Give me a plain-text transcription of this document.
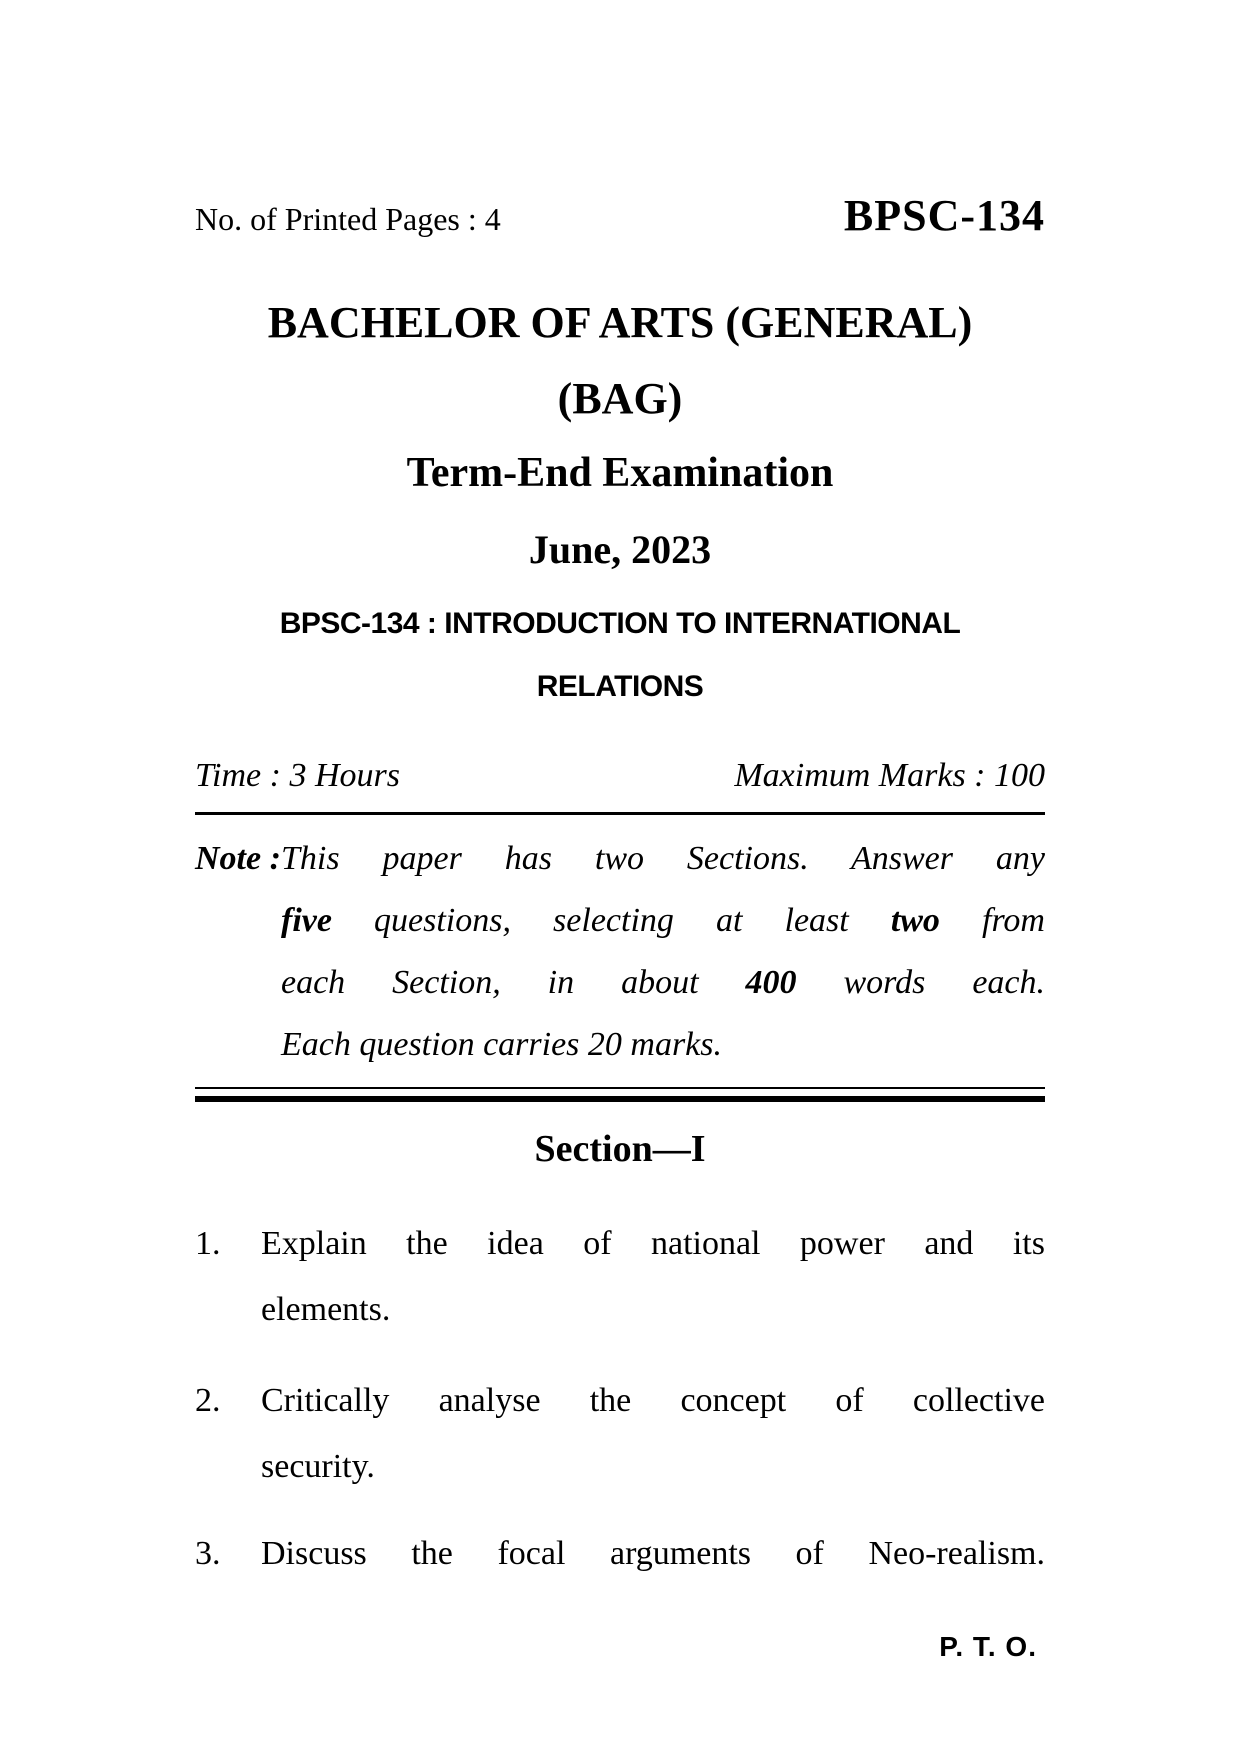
No. of Printed Pages : 4	BPSC-134
BACHELOR OF ARTS (GENERAL)
(BAG)
Term-End Examination
June, 2023
BPSC-134 : INTRODUCTION TO INTERNATIONAL
RELATIONS
Time : 3 Hours	Maximum Marks : 100
Note : This paper has two Sections. Answer any
five questions, selecting at least two from
each Section, in about 400 words each.
Each question carries 20 marks.
Section—I
1. Explain the idea of national power and its
elements.
2. Critically analyse the concept of collective
security.
3. Discuss the focal arguments of Neo-realism.
P. T. O.
